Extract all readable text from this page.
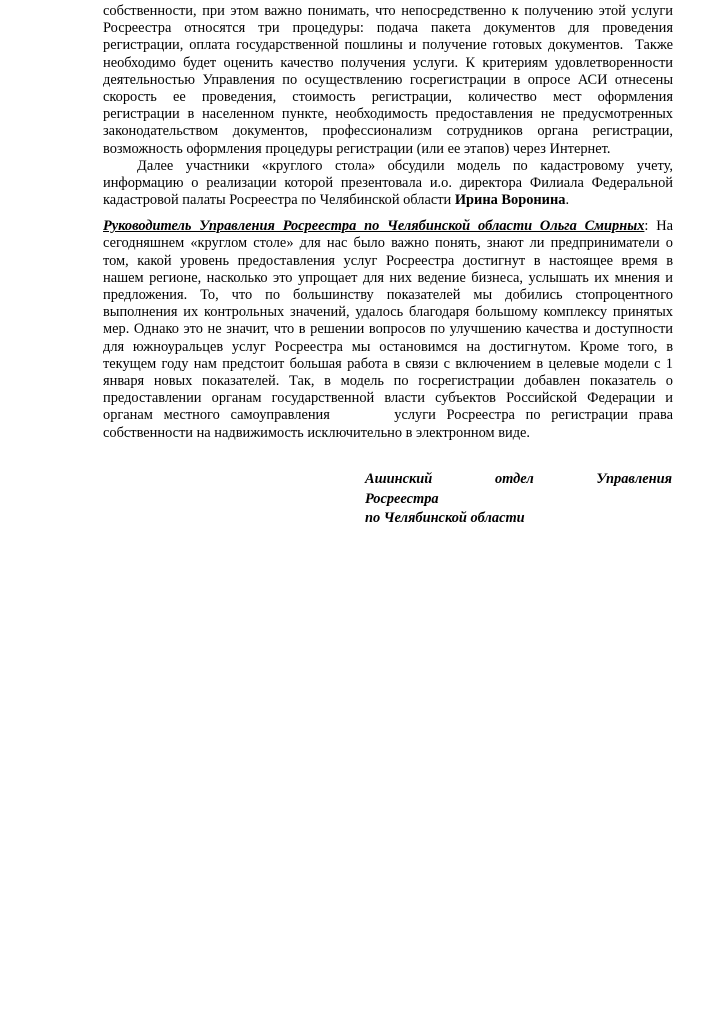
собственности, при этом важно понимать, что непосредственно к получению этой услуги
Росреестра относятся три процедуры: подача пакета документов для проведения
регистрации, оплата государственной пошлины и получение готовых документов.  Также
необходимо будет оценить качество получения услуги. К критериям удовлетворенности
деятельностью Управления по осуществлению госрегистрации в опросе АСИ отнесены
скорость ее проведения, стоимость регистрации, количество мест оформления
регистрации в населенном пункте, необходимость предоставления не предусмотренных
законодательством документов, профессионализм сотрудников органа регистрации,
возможность оформления процедуры регистрации (или ее этапов) через Интернет.
Далее участники «круглого стола» обсудили модель по кадастровому учету,
информацию о реализации которой презентовала и.о. директора Филиала Федеральной
кадастровой палаты Росреестра по Челябинской области Ирина Воронина.
Руководитель Управления Росреестра по Челябинской области Ольга Смирных: На
сегодняшнем «круглом столе» для нас было важно понять, знают ли предприниматели о
том, какой уровень предоставления услуг Росреестра достигнут в настоящее время в
нашем регионе, насколько это упрощает для них ведение бизнеса, услышать их мнения и
предложения. То, что по большинству показателей мы добились стопроцентного
выполнения их контрольных значений, удалось благодаря большому комплексу принятых
мер. Однако это не значит, что в решении вопросов по улучшению качества и доступности
для южноуральцев услуг Росреестра мы остановимся на достигнутом. Кроме того, в
текущем году нам предстоит большая работа в связи с включением в целевые модели с 1
января новых показателей. Так, в модель по госрегистрации добавлен показатель о
предоставлении органам государственной власти субъектов Российской Федерации и
органам местного самоуправления      услуги Росреестра по регистрации права
собственности на надвижимость исключительно в электронном виде.
Ашинский отдел Управления
Росреестра
по Челябинской области
